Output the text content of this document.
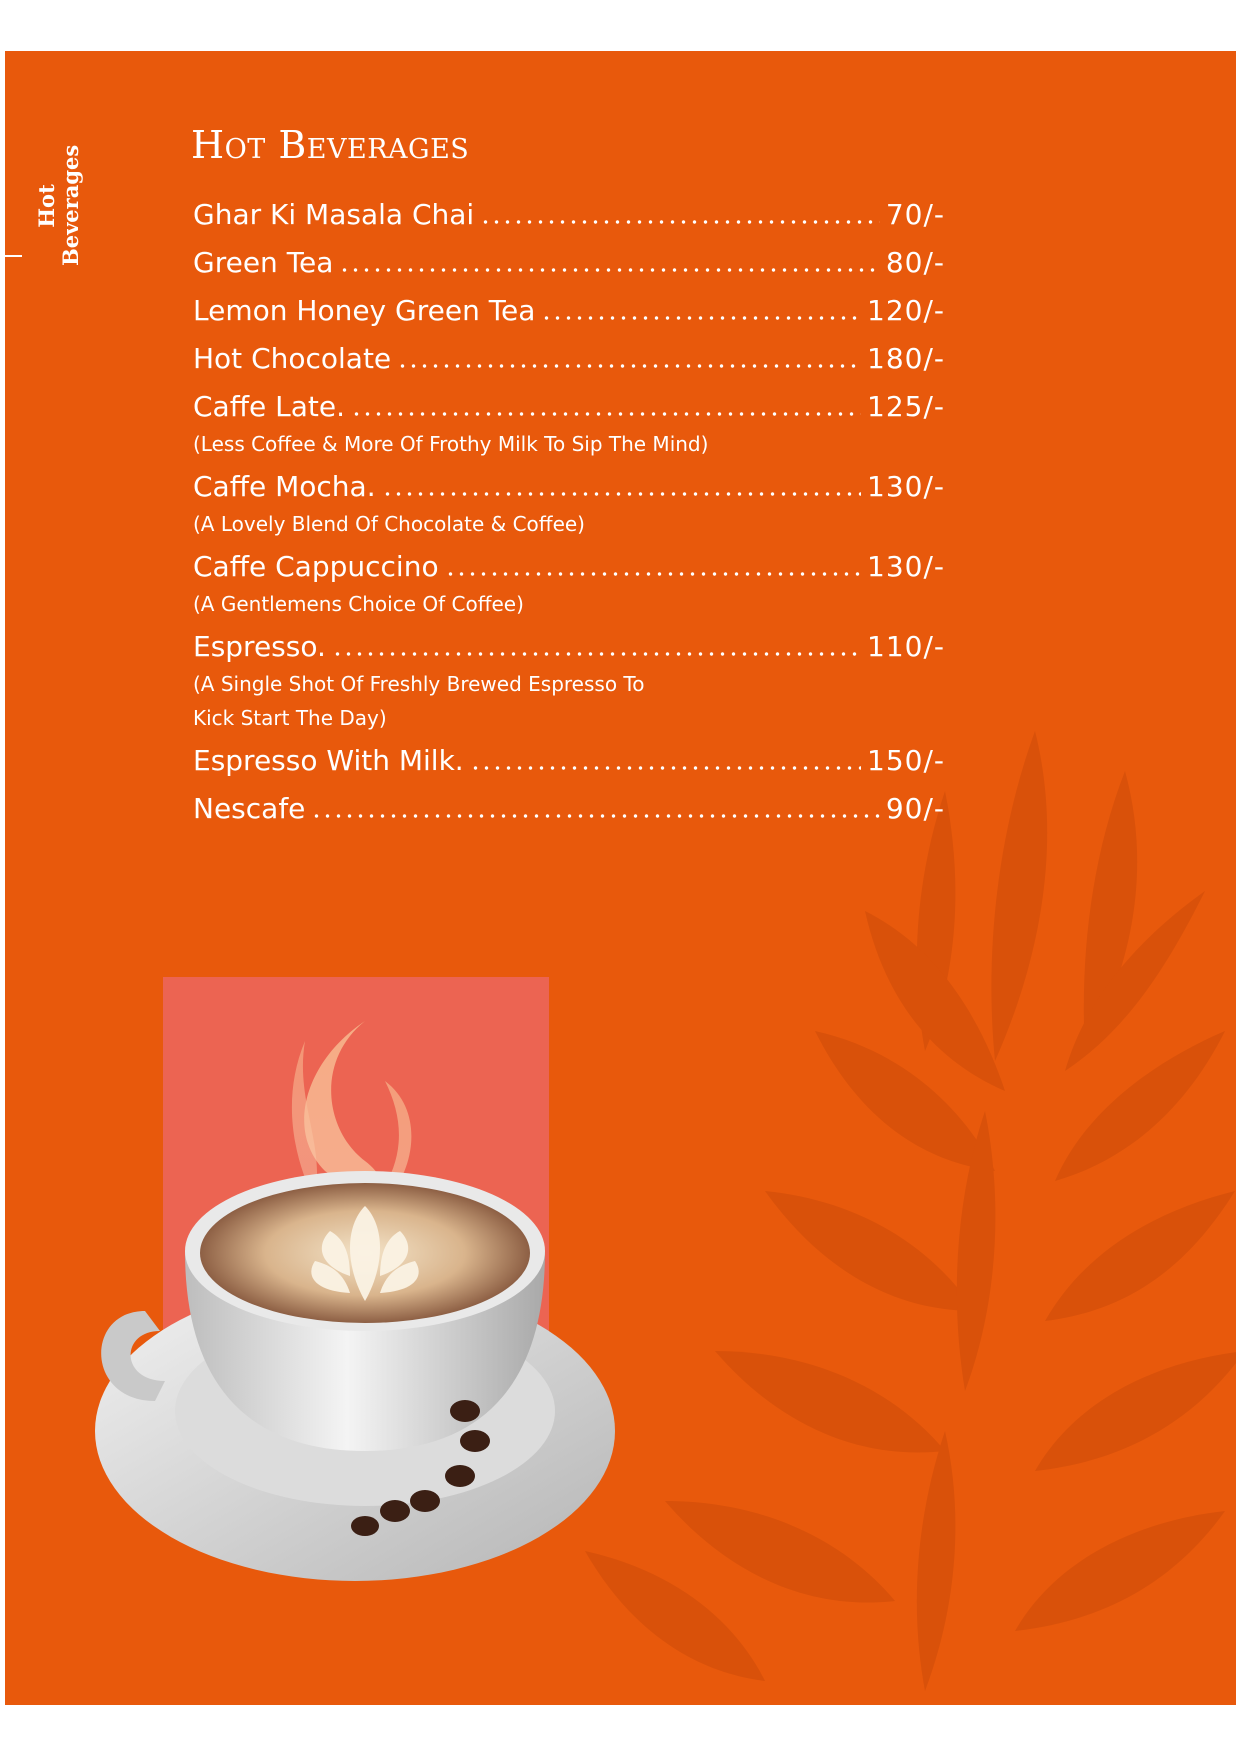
Hot Beverages	Hot Beverages
Ghar Ki Masala Chai	70/-
Green Tea	80/-
Lemon Honey Green Tea	120/-
Hot Chocolate	180/-
Caffe Late.	125/-
(Less Coffee & More Of Frothy Milk To Sip The Mind)
Caffe Mocha.	130/-
(A Lovely Blend Of Chocolate & Coffee)
Caffe Cappuccino	130/-
(A Gentlemens Choice Of Coffee)
Espresso.	110/-
(A Single Shot Of Freshly Brewed Espresso To
Kick Start The Day)
Espresso With Milk.	150/-
Nescafe	90/-
